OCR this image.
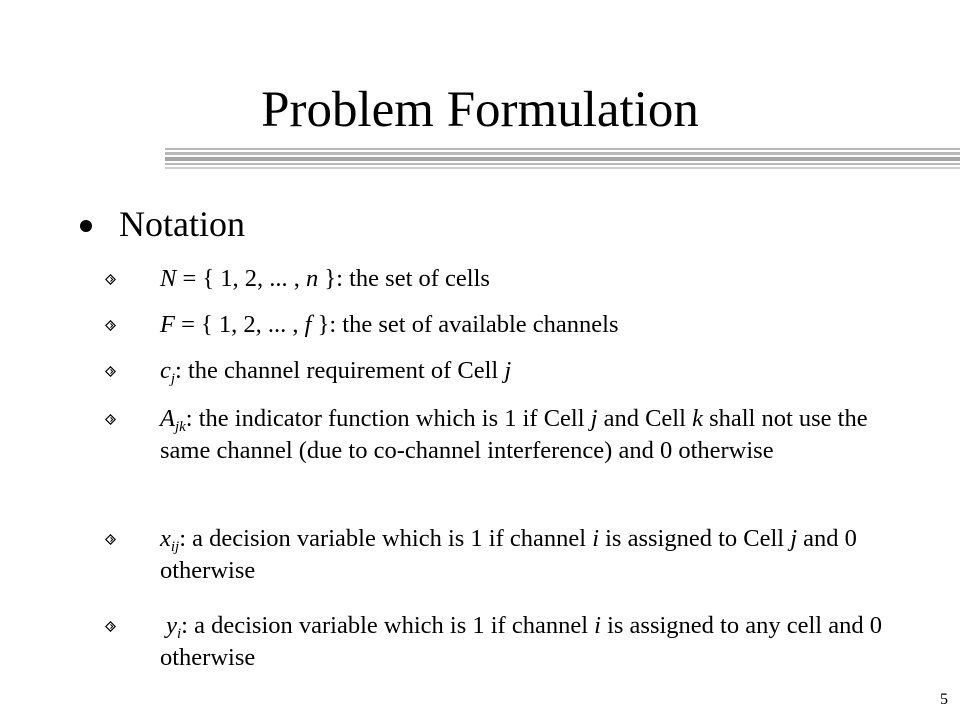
Problem Formulation
Notation
N = { 1, 2, ... , n }: the set of cells
F = { 1, 2, ... , f }: the set of available channels
$c_j$: the channel requirement of Cell j
$A_{jk}$: the indicator function which is 1 if Cell j and Cell k shall not use the same channel (due to co-channel interference) and 0 otherwise
$x_{ij}$: a decision variable which is 1 if channel i is assigned to Cell j and 0 otherwise
$y_i$: a decision variable which is 1 if channel i is assigned to any cell and 0 otherwise
5
